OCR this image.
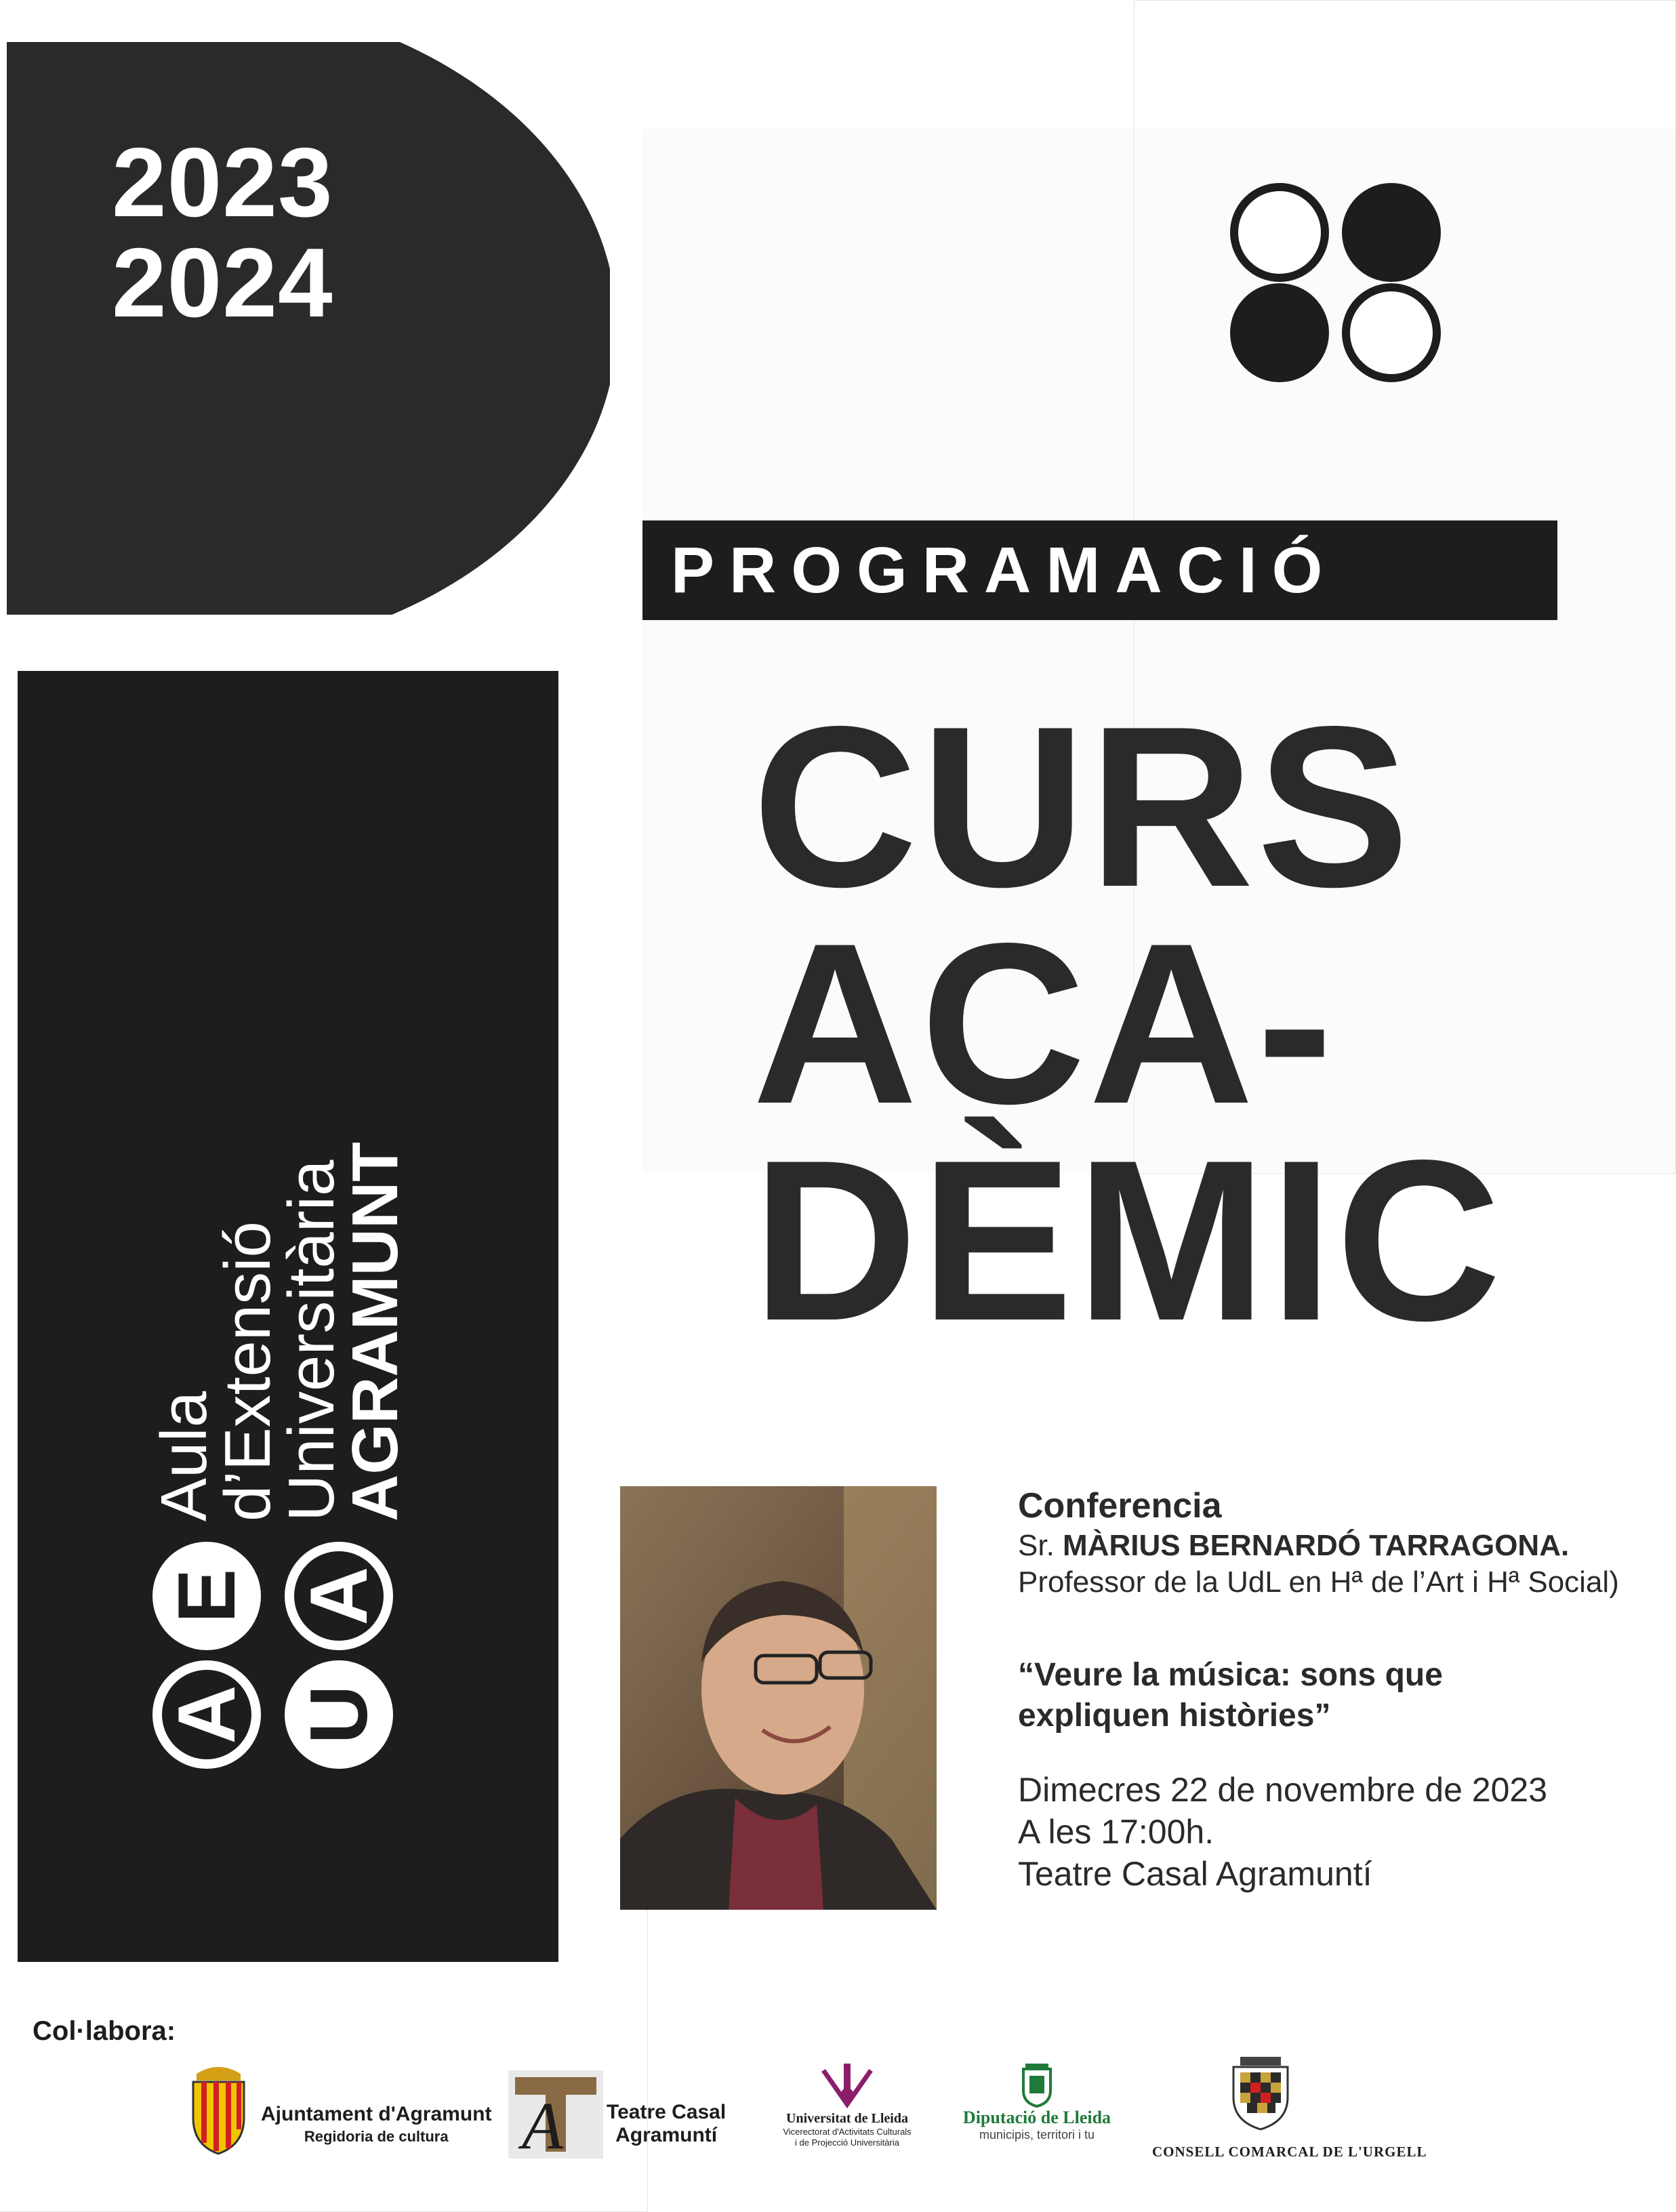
2023
2024
PROGRAMACIÓ
CURS
ACA-
DÈMIC
Aula
d’Extensió
Universitària
AGRAMUNT
A
E
U
A
Conferencia
Sr. MÀRIUS BERNARDÓ TARRAGONA.
Professor de la UdL en Hª de l’Art i Hª Social)
“Veure la música: sons que
expliquen històries”
Dimecres 22 de novembre de 2023
A les 17:00h.
Teatre Casal Agramuntí
Col·labora:
Ajuntament d'Agramunt
Regidoria de cultura	A Teatre Casal
Agramuntí
Universitat de Lleida
Vicerectorat d'Activitats Culturals
i de Projecció Universitària
Diputació de Lleida
municipis, territori i tu
CONSELL COMARCAL DE L'URGELL
